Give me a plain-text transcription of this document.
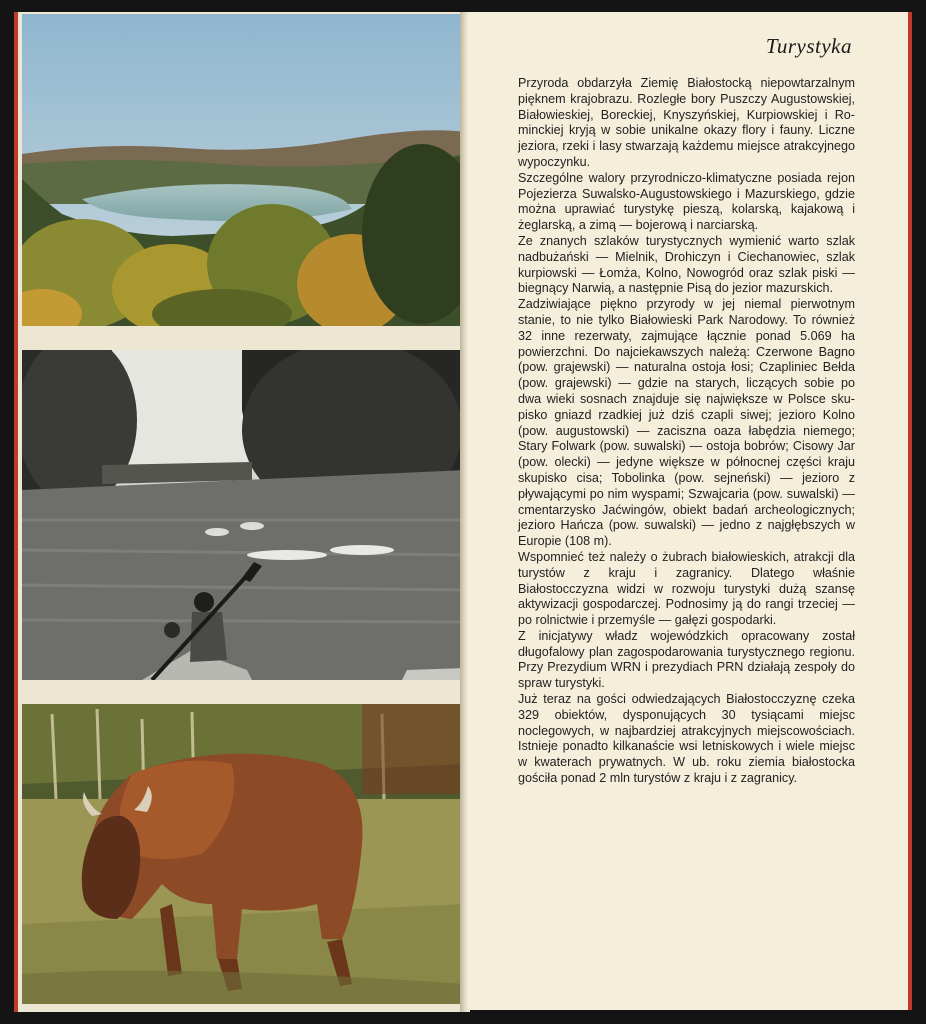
Turystyka

Przyroda obdarzyła Ziemię Białostocką niepowtarzalnym pięknem krajobrazu. Rozległe bory Puszczy Augustowskiej, Białowieskiej, Boreckiej, Knyszyńskiej, Kurpiowskiej i Rominckiej kryją w sobie unikalne okazy flory i fauny. Liczne jeziora, rzeki i lasy stwarzają każdemu miejsce atrakcyjnego wypoczynku.

Szczególne walory przyrodniczo-klimatyczne posiada rejon Pojezierza Suwalsko-Augustowskiego i Mazurskiego, gdzie można uprawiać turystykę pieszą, kolarską, kajakową i żeglarską, a zimą — bojerową i narciarską.

Ze znanych szlaków turystycznych wymienić warto szlak nadbużański — Mielnik, Drohiczyn i Ciechanowiec, szlak kurpiowski — Łomża, Kolno, Nowogród oraz szlak piski — biegnący Narwią, a następnie Pisą do jezior mazurskich.

Zadziwiające piękno przyrody w jej niemal pierwotnym stanie, to nie tylko Białowieski Park Narodowy. To również 32 inne rezerwaty, zajmujące łącznie ponad 5.069 ha powierzchni. Do najciekawszych należą: Czerwone Bagno (pow. grajewski) — naturalna ostoja łosi; Czapliniec Bełda (pow. grajewski) — gdzie na starych, liczących sobie po dwa wieki sosnach znajduje się największe w Polsce skupisko gniazd rzadkiej już dziś czapli siwej; jezioro Kolno (pow. augustowski) — zaciszna oaza łabędzia niemego; Stary Folwark (pow. suwalski) — ostoja bobrów; Cisowy Jar (pow. olecki) — jedyne większe w północnej części kraju skupisko cisa; Tobolinka (pow. sejneński) — jezioro z pływającymi po nim wyspami; Szwajcaria (pow. suwalski) — cmentarzysko Jaćwingów, obiekt badań archeologicznych; jezioro Hańcza (pow. suwalski) — jedno z najgłębszych w Europie (108 m).

Wspomnieć też należy o żubrach białowieskich, atrakcji dla turystów z kraju i zagranicy. Dlatego właśnie Białostocczyzna widzi w rozwoju turystyki dużą szansę aktywizacji gospodarczej. Podnosimy ją do rangi trzeciej — po rolnictwie i przemyśle — gałęzi gospodarki.

Z inicjatywy władz wojewódzkich opracowany został długofalowy plan zagospodarowania turystycznego regionu. Przy Prezydium WRN i prezydiach PRN działają zespoły do spraw turystyki.

Już teraz na gości odwiedzających Białostocczyznę czeka 329 obiektów, dysponujących 30 tysiącami miejsc noclegowych, w najbardziej atrakcyjnych miejscowościach. Istnieje ponadto kilkanaście wsi letniskowych i wiele miejsc w kwaterach prywatnych. W ub. roku ziemia białostocka gościła ponad 2 mln turystów z kraju i z zagranicy.
